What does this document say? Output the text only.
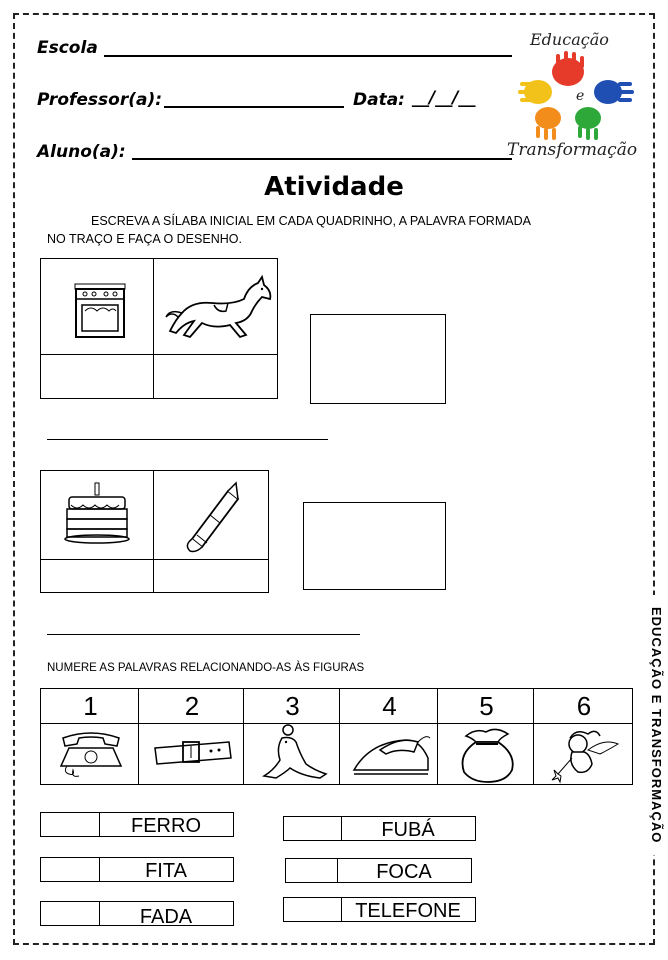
Escola
Professor(a):	Data: __/__/__
Aluno(a):
Educação
e
Transformação
EDUCAÇÃO E TRANSFORMAÇÃO
Atividade
ESCREVA A SÍLABA INICIAL EM CADA QUADRINHO, A PALAVRA FORMADA
NO TRAÇO E FAÇA O DESENHO.
NUMERE AS PALAVRAS RELACIONANDO-AS ÀS FIGURAS
1	2	3	4	5	6
FERRO
FITA
FADA
FUBÁ
FOCA
TELEFONE
